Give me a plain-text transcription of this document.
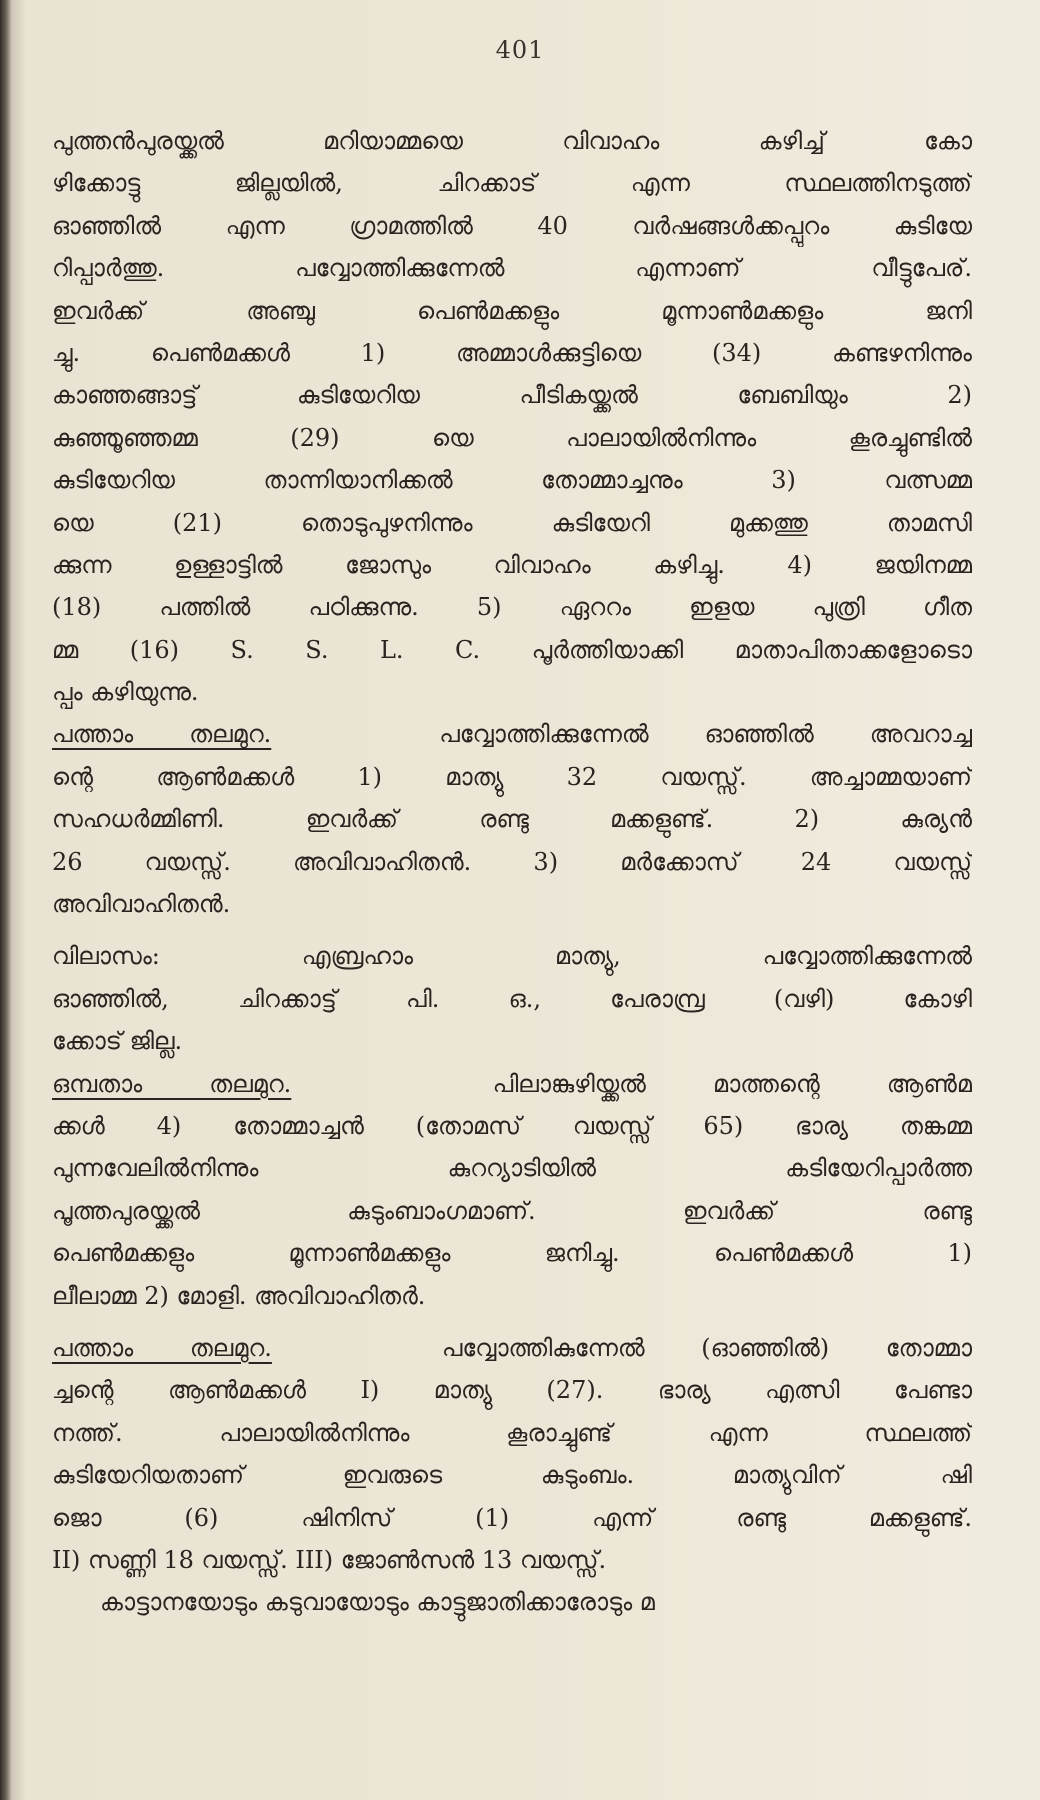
401
പുത്തൻപുരയ്ക്കൽ മറിയാമ്മയെ വിവാഹം കഴിച്ച് കോ
ഴിക്കോട്ടു ജില്ലയിൽ, ചിറക്കാട് എന്ന സ്ഥലത്തിനടുത്ത്
ഓഞ്ഞിൽ എന്ന ഗ്രാമത്തിൽ 40 വർഷങ്ങൾക്കപ്പുറം കുടിയേ
റിപ്പാർത്തു. പവ്വോത്തിക്കുന്നേൽ എന്നാണ് വീട്ടുപേര്.
ഇവർക്ക് അഞ്ചു പെൺമക്കളും മൂന്നാൺമക്കളും ജനി
ച്ചു. പെൺമക്കൾ 1) അമ്മാൾക്കുട്ടിയെ (34) കണ്ടഴനിന്നും
കാഞ്ഞങ്ങാട്ട് കുടിയേറിയ പീടികയ്ക്കൽ ബേബിയും 2)
കുഞ്ഞൂഞ്ഞമ്മ (29) യെ പാലായിൽനിന്നും കൂരച്ചുണ്ടിൽ
കുടിയേറിയ താന്നിയാനിക്കൽ തോമ്മാച്ചനും 3) വത്സമ്മ
യെ (21) തൊടുപുഴനിന്നും കുടിയേറി മുക്കത്തു താമസി
ക്കുന്ന ഉള്ളാട്ടിൽ ജോസും വിവാഹം കഴിച്ചു. 4) ജയിനമ്മ
(18) പത്തിൽ പഠിക്കുന്നു. 5) ഏററം ഇളയ പുത്രി ഗീത
മ്മ (16) S. S. L. C. പൂർത്തിയാക്കി മാതാപിതാക്കളോടൊ
പ്പം കഴിയുന്നു.
പത്താം തലമുറ.	പവ്വോത്തിക്കുന്നേൽ ഓഞ്ഞിൽ അവറാച്ച
ന്റെ ആൺമക്കൾ 1) മാത്യു 32 വയസ്സ്. അച്ചാമ്മയാണ്
സഹധർമ്മിണി. ഇവർക്ക് രണ്ടു മക്കളുണ്ട്. 2) കുര്യൻ
26 വയസ്സ്. അവിവാഹിതൻ. 3) മർക്കോസ് 24 വയസ്സ്
അവിവാഹിതൻ.
വിലാസം: എബ്രഹാം മാത്യു, പവ്വോത്തിക്കുന്നേൽ
ഓഞ്ഞിൽ, ചിറക്കാട്ട് പി. ഒ., പേരാമ്പ്ര (വഴി) കോഴി
ക്കോട് ജില്ല.
ഒമ്പതാം തലമുറ.	പിലാങ്കുഴിയ്ക്കൽ മാത്തന്റെ ആൺമ
ക്കൾ 4) തോമ്മാച്ചൻ (തോമസ് വയസ്സ് 65) ഭാര്യ തങ്കമ്മ
പുന്നവേലിൽനിന്നും കുററ്യാടിയിൽ കടിയേറിപ്പാർത്ത
പൂത്തപുരയ്ക്കൽ കുടുംബാംഗമാണ്. ഇവർക്ക് രണ്ടു
പെൺമക്കളും മൂന്നാൺമക്കളും ജനിച്ചു. പെൺമക്കൾ 1)
ലീലാമ്മ 2) മോളി. അവിവാഹിതർ.
പത്താം തലമുറ.	പവ്വോത്തികുന്നേൽ (ഓഞ്ഞിൽ) തോമ്മാ
ച്ചന്റെ ആൺമക്കൾ I) മാത്യു (27). ഭാര്യ എത്സി പേണ്ടാ
നത്ത്. പാലായിൽനിന്നും കൂരാച്ചുണ്ട് എന്ന സ്ഥലത്ത്
കുടിയേറിയതാണ് ഇവരുടെ കുടുംബം. മാത്യുവിന് ഷി
ജൊ (6) ഷിനിസ് (1) എന്ന് രണ്ടു മക്കളുണ്ട്.
II) സണ്ണി 18 വയസ്സ്. III) ജോൺസൻ 13 വയസ്സ്.
കാട്ടാനയോടും കടുവായോടും കാട്ടുജാതിക്കാരോടും മ
